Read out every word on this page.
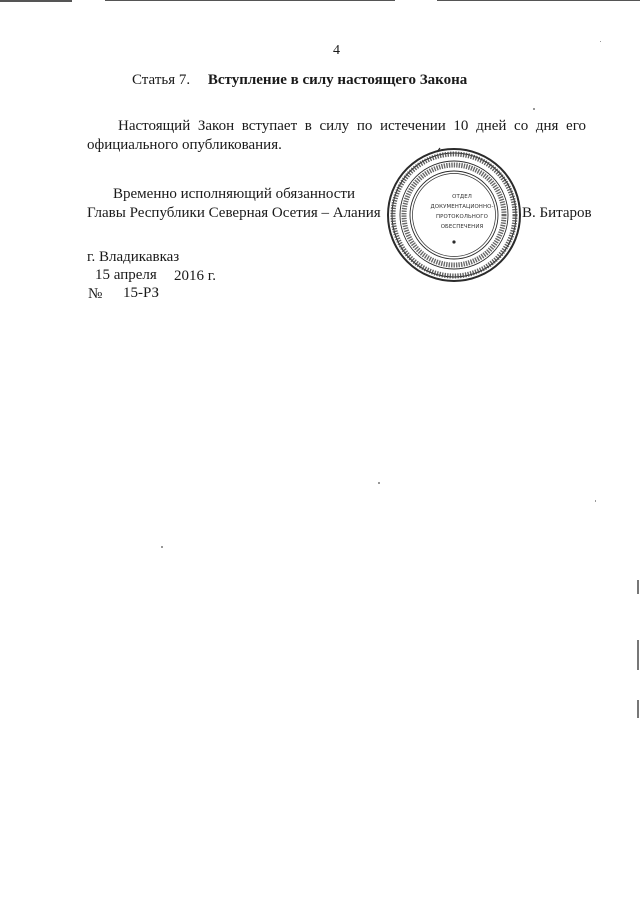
4
Статья 7. Вступление в силу настоящего Закона
Настоящий Закон вступает в силу по истечении 10 дней со дня его
официального опубликования.
Временно исполняющий обязанности
Главы Республики Северная Осетия – Алания	В. Битаров
ОТДЕЛ
ДОКУМЕНТАЦИОННО-
ПРОТОКОЛЬНОГО
ОБЕСПЕЧЕНИЯ
г. Владикавказ
15 апреля 2016 г.
№ 15-РЗ
